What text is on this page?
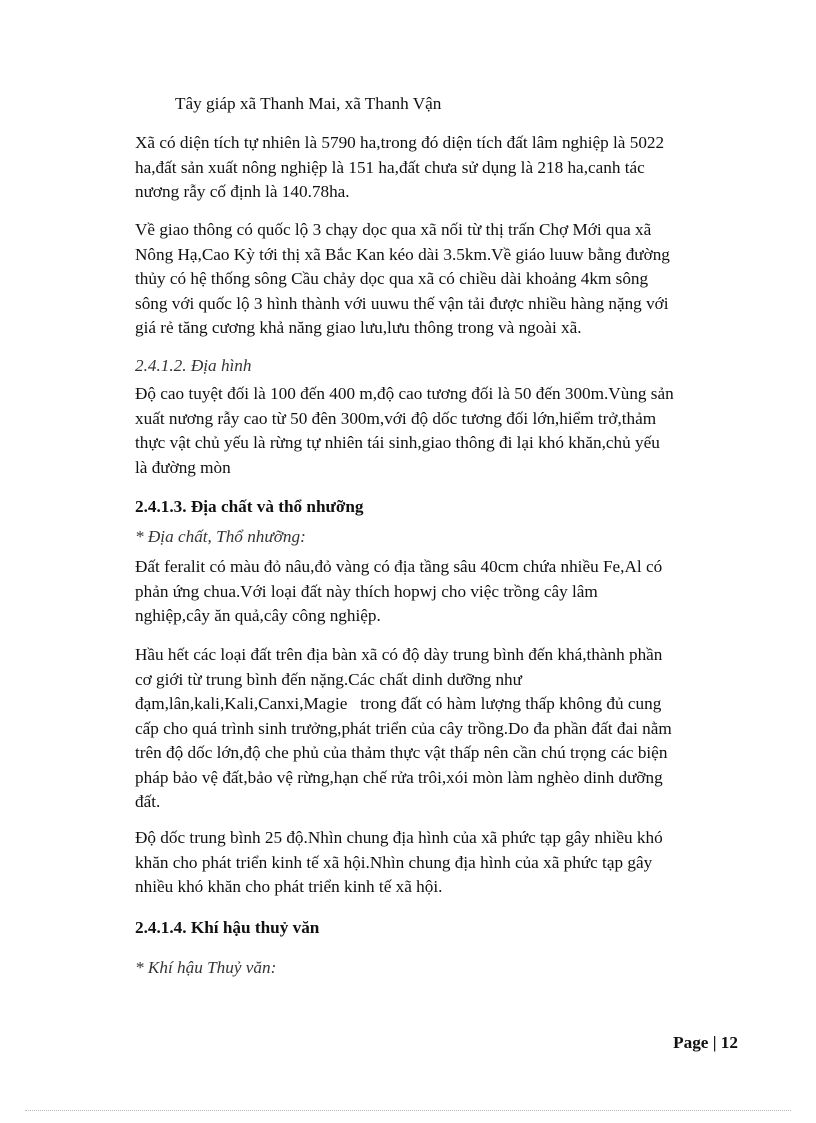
Tây giáp xã Thanh Mai, xã Thanh Vận

Xã có diện tích tự nhiên là 5790 ha,trong đó diện tích đất lâm nghiệp là 5022
ha,đất sản xuất nông nghiệp là 151 ha,đất chưa sử dụng là 218 ha,canh tác
nương rẫy cố định là 140.78ha.

Về giao thông có quốc lộ 3 chạy dọc qua xã nối từ thị trấn Chợ Mới qua xã
Nông Hạ,Cao Kỳ tới thị xã Bắc Kan kéo dài 3.5km.Về giáo luuw bằng đường
thủy có hệ thống sông Cầu chảy dọc qua xã có chiều dài khoảng 4km sông
sông với quốc lộ 3 hình thành với uuwu thế vận tải được nhiều hàng nặng với
giá rẻ tăng cương khả năng giao lưu,lưu thông trong và ngoài xã.

2.4.1.2. Địa hình

Độ cao tuyệt đối là 100 đến 400 m,độ cao tương đối là 50 đến 300m.Vùng sản
xuất nương rẫy cao từ 50 đên 300m,với độ dốc tương đối lớn,hiểm trở,thảm
thực vật chủ yếu là rừng tự nhiên tái sinh,giao thông đi lại khó khăn,chủ yếu
là đường mòn

2.4.1.3. Địa chất và thổ nhưỡng
* Địa chất, Thổ nhưỡng:

Đất feralit có màu đỏ nâu,đỏ vàng có địa tầng sâu 40cm chứa nhiều Fe,Al có
phản ứng chua.Với loại đất này thích hopwj cho việc trồng cây lâm
nghiệp,cây ăn quả,cây công nghiệp.

Hầu hết các loại đất trên địa bàn xã có độ dày trung bình đến khá,thành phần
cơ giới từ trung bình đến nặng.Các chất dinh dưỡng như
đạm,lân,kali,Kali,Canxi,Magie   trong đất có hàm lượng thấp không đủ cung
cấp cho quá trình sinh trưởng,phát triển của cây trồng.Do đa phần đất đai nằm
trên độ dốc lớn,độ che phủ của thảm thực vật thấp nên cần chú trọng các biện
pháp bảo vệ đất,bảo vệ rừng,hạn chế rửa trôi,xói mòn làm nghèo dinh dưỡng
đất.

Độ dốc trung bình 25 độ.Nhìn chung địa hình của xã phức tạp gây nhiều khó
khăn cho phát triển kinh tế xã hội.Nhìn chung địa hình của xã phức tạp gây
nhiều khó khăn cho phát triển kinh tế xã hội.

2.4.1.4. Khí hậu thuỷ văn
* Khí hậu Thuỷ văn:
Page | 12
